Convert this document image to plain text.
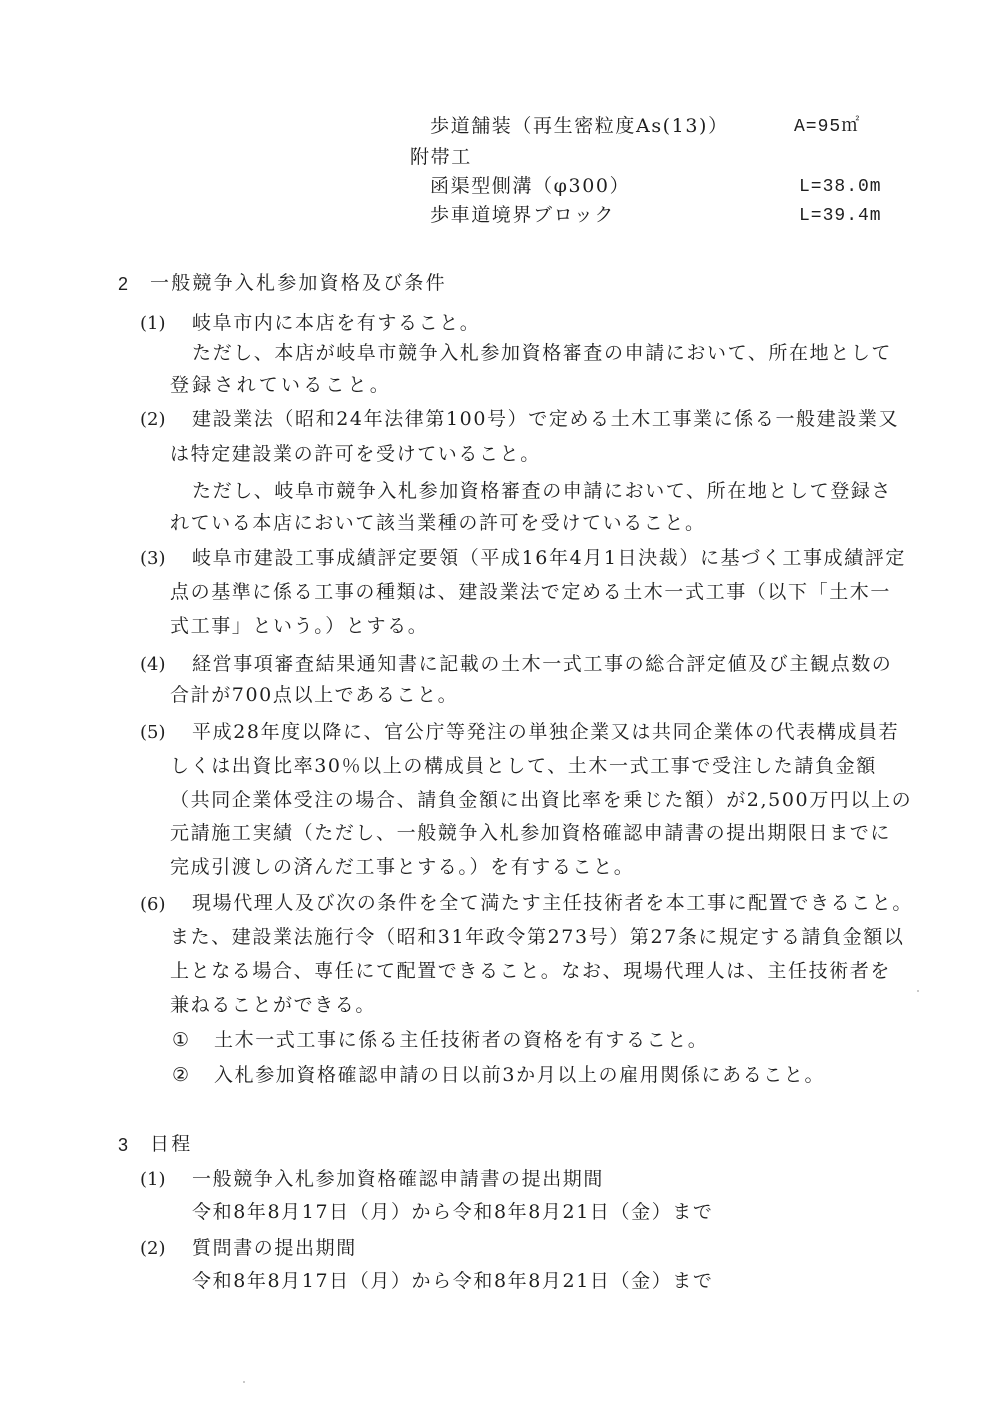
歩道舗装（再生密粒度As(13)）	A=95㎡
附帯工
函渠型側溝（φ300）	L=38.0m
歩車道境界ブロック	L=39.4m
2 一般競争入札参加資格及び条件
(1) 岐阜市内に本店を有すること。
ただし、本店が岐阜市競争入札参加資格審査の申請において、所在地として
登録されていること。
(2) 建設業法（昭和24年法律第100号）で定める土木工事業に係る一般建設業又
は特定建設業の許可を受けていること。
ただし、岐阜市競争入札参加資格審査の申請において、所在地として登録さ
れている本店において該当業種の許可を受けていること。
(3) 岐阜市建設工事成績評定要領（平成16年4月1日決裁）に基づく工事成績評定
点の基準に係る工事の種類は、建設業法で定める土木一式工事（以下「土木一
式工事」という。）とする。
(4) 経営事項審査結果通知書に記載の土木一式工事の総合評定値及び主観点数の
合計が700点以上であること。
(5) 平成28年度以降に、官公庁等発注の単独企業又は共同企業体の代表構成員若
しくは出資比率30％以上の構成員として、土木一式工事で受注した請負金額
（共同企業体受注の場合、請負金額に出資比率を乗じた額）が2,500万円以上の
元請施工実績（ただし、一般競争入札参加資格確認申請書の提出期限日までに
完成引渡しの済んだ工事とする。）を有すること。
(6) 現場代理人及び次の条件を全て満たす主任技術者を本工事に配置できること。
また、建設業法施行令（昭和31年政令第273号）第27条に規定する請負金額以
上となる場合、専任にて配置できること。なお、現場代理人は、主任技術者を
兼ねることができる。
① 土木一式工事に係る主任技術者の資格を有すること。
② 入札参加資格確認申請の日以前3か月以上の雇用関係にあること。
3 日程
(1) 一般競争入札参加資格確認申請書の提出期間
令和8年8月17日（月）から令和8年8月21日（金）まで
(2) 質問書の提出期間
令和8年8月17日（月）から令和8年8月21日（金）まで
